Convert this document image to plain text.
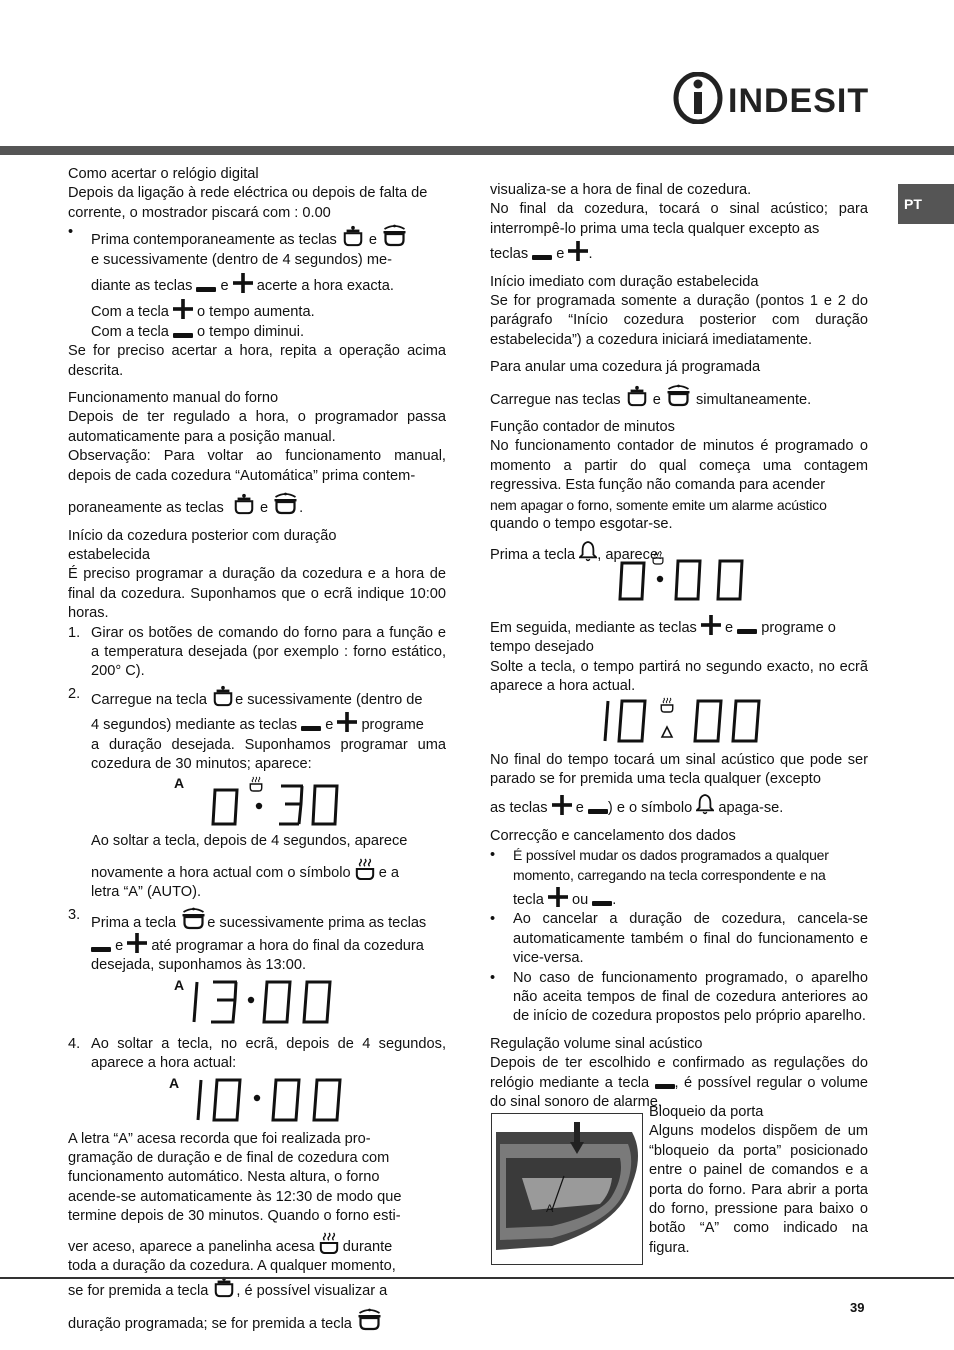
INDESIT
PT

Como acertar o relógio digital

Depois da ligação à rede eléctrica ou depois de falta de corrente, o mostrador piscará com : 0.00

• Prima contemporaneamente as teclas e

e sucessivamente (dentro de 4 segundos) me-

diante as teclas e acerte a hora exacta.

Com a tecla o tempo aumenta.

Com a tecla o tempo diminui.

Se for preciso acertar a hora, repita a operação acima descrita.

Funcionamento manual do forno

Depois de ter regulado a hora, o programador passa automaticamente para a posição manual.

Observação: Para voltar ao funcionamento manual, depois de cada cozedura “Automática” prima contem-

poraneamente as teclas e .

Início da cozedura posterior com duração

estabelecida

É preciso programar a duração da cozedura e a hora de final da cozedura. Suponhamos que o ecrã indique 10:00 horas.

1. Girar os botões de comando do forno para a função e a temperatura desejada (por exemplo : forno estático, 200° C).

2. Carregue na tecla e sucessivamente (dentro de

4 segundos) mediante as teclas e programe

a duração desejada. Suponhamos programar uma cozedura de 30 minutos; aparece:

A

Ao soltar a tecla, depois de 4 segundos, aparece

novamente a hora actual com o símbolo e a

letra “A” (AUTO).

3. Prima a tecla e sucessivamente prima as teclas

e até programar a hora do final da cozedura

desejada, suponhamos às 13:00.

A
4. Ao soltar a tecla, no ecrã, depois de 4 segundos, aparece a hora actual:

A

A letra “A” acesa recorda que foi realizada pro-

gramação de duração e de final de cozedura com

funcionamento automático. Nesta altura, o forno

acende-se automaticamente às 12:30 de modo que

termine depois de 30 minutos. Quando o forno esti-

ver aceso, aparece a panelinha acesa durante

toda a duração da cozedura. A qualquer momento,

se for premida a tecla , é possível visualizar a

duração programada; se for premida a tecla

visualiza-se a hora de final de cozedura.

No final da cozedura, tocará o sinal acústico; para interrompê-lo prima uma tecla qualquer excepto as

teclas e .

Início imediato com duração estabelecida

Se for programada somente a duração (pontos 1 e 2 do parágrafo “Início cozedura posterior com duração estabelecida”) a cozedura iniciará imediatamente.

Para anular uma cozedura já programada

Carregue nas teclas e simultaneamente.

Função contador de minutos

No funcionamento contador de minutos é programado o momento a partir do qual começa uma contagem regressiva. Esta função não comanda para acender

nem apagar o forno, somente emite um alarme acústico

quando o tempo esgotar-se.

Prima a tecla , aparece:

Em seguida, mediante as teclas e programe o

tempo desejado

Solte a tecla, o tempo partirá no segundo exacto, no ecrã aparece a hora actual.

No final do tempo tocará um sinal acústico que pode ser parado se for premida uma tecla qualquer (excepto

as teclas e ) e o símbolo apaga-se.

Correcção e cancelamento dos dados

• É possível mudar os dados programados a qualquer

momento, carregando na tecla correspondente e na

tecla ou .

• Ao cancelar a duração de cozedura, cancela-se automaticamente também o final do funcionamento e vice-versa.

• No caso de funcionamento programado, o aparelho não aceita tempos de final de cozedura anteriores ao de início de cozedura propostos pelo próprio aparelho.

Regulação volume sinal acústico

Depois de ter escolhido e confirmado as regulações do relógio mediante a tecla , é possível regular o volume do sinal sonoro de alarme.

A

Bloqueio da porta

Alguns modelos dispõem de um “bloqueio da porta” posicionado entre o painel de comandos e a porta do forno. Para abrir a porta do forno, pressione para baixo o botão “A” como indicado na figura.

39
